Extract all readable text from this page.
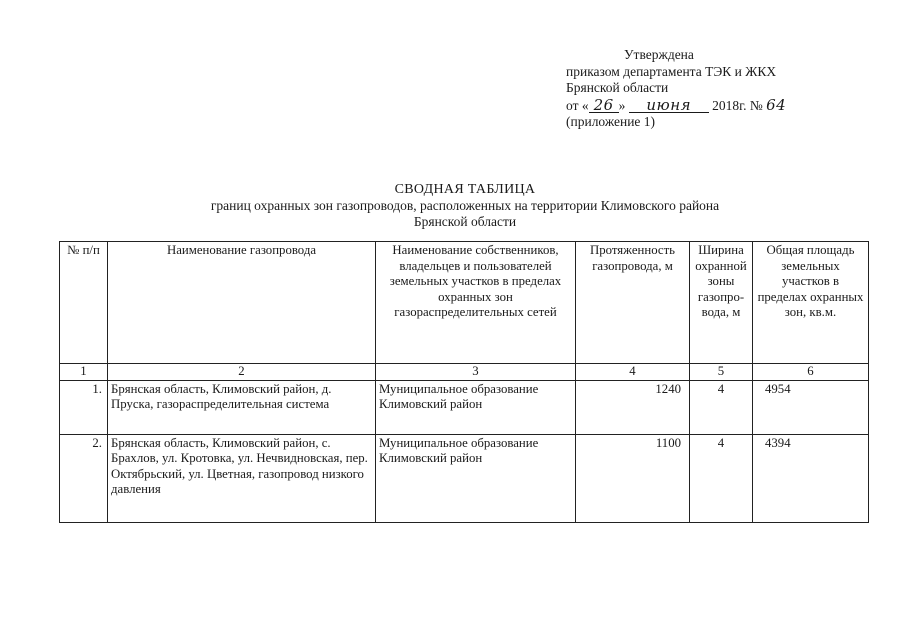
Утверждена
приказом департамента ТЭК и ЖКХ
Брянской области
от « 26 » июня 2018г. № 64
(приложение 1)
СВОДНАЯ ТАБЛИЦА
границ охранных зон газопроводов, расположенных на территории Климовского района
Брянской области
№ п/п	Наименование газопровода	Наименование собственников, владельцев и пользователей земельных участков в пределах охранных зон газораспределительных сетей	Протяженность газопровода, м	Ширина охранной зоны газопро-вода, м	Общая площадь земельных участков в пределах охранных зон, кв.м.
1	2	3	4	5	6
1.	Брянская область, Климовский район, д. Пруска, газораспределительная система	Муниципальное образование Климовский район	1240	4	4954
2.	Брянская область, Климовский район, с. Брахлов, ул. Кротовка, ул. Нечвидновская, пер. Октябрьский, ул. Цветная, газопровод низкого давления	Муниципальное образование Климовский район	1100	4	4394
